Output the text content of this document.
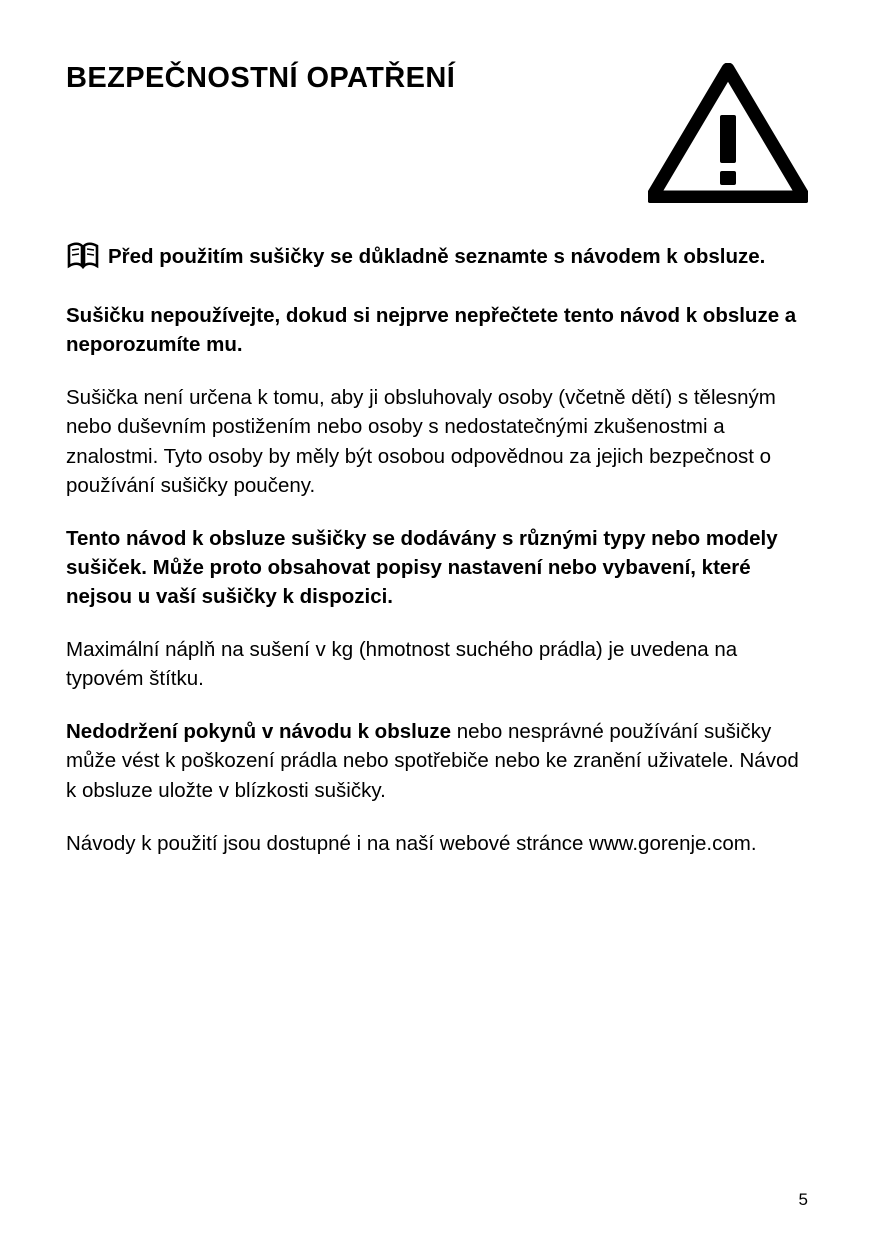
BEZPEČNOSTNÍ OPATŘENÍ

Před použitím sušičky se důkladně seznamte s návodem k obsluze.

Sušičku nepoužívejte, dokud si nejprve nepřečtete tento návod k obsluze a neporozumíte mu.

Sušička není určena k tomu, aby ji obsluhovaly osoby (včetně dětí) s tělesným nebo duševním postižením nebo osoby s nedostatečnými zkušenostmi a znalostmi. Tyto osoby by měly být osobou odpovědnou za jejich bezpečnost o používání sušičky poučeny.

Tento návod k obsluze sušičky se dodávány s různými typy nebo modely sušiček. Může proto obsahovat popisy nastavení nebo vybavení, které nejsou u vaší sušičky k dispozici.

Maximální náplň na sušení v kg (hmotnost suchého prádla) je uvedena na typovém štítku.

Nedodržení pokynů v návodu k obsluze nebo nesprávné používání sušičky může vést k poškození prádla nebo spotřebiče nebo ke zranění uživatele. Návod k obsluze uložte v blízkosti sušičky.

Návody k použití jsou dostupné i na naší webové stránce www.gorenje.com.

5
